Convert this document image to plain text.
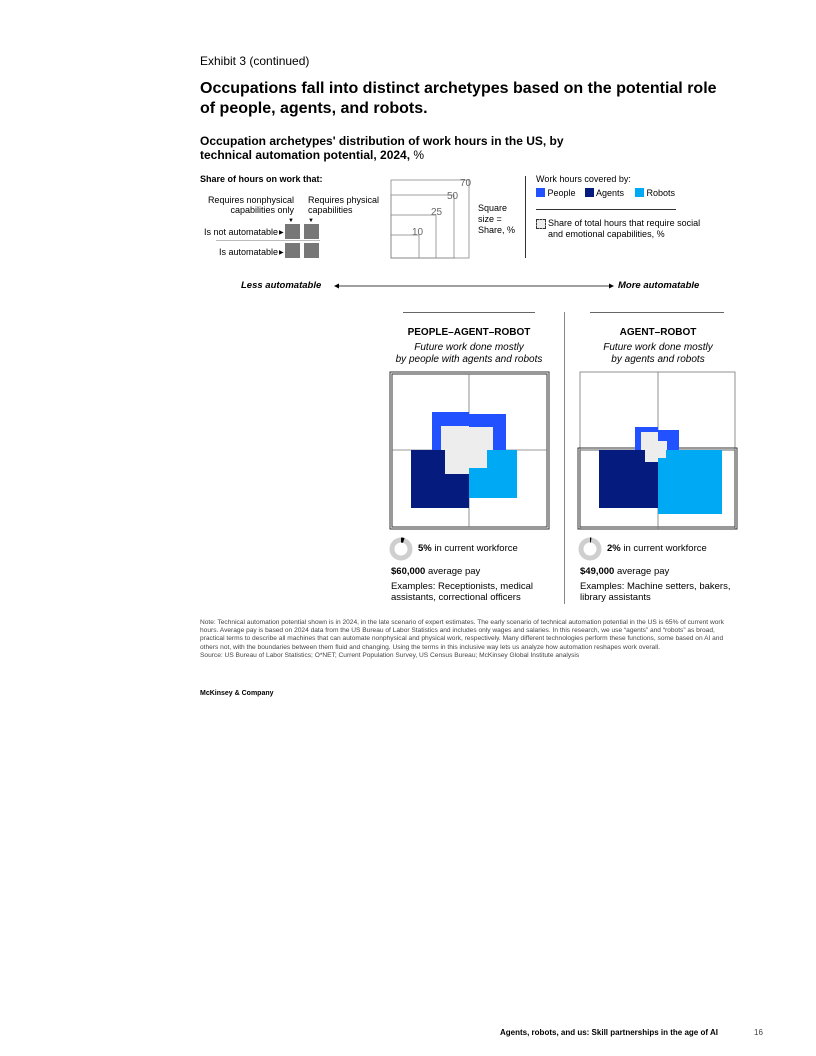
Exhibit 3 (continued)
Occupations fall into distinct archetypes based on the potential role of people, agents, and robots.
Occupation archetypes' distribution of work hours in the US, by technical automation potential, 2024, %
Share of hours on work that:
Requires nonphysical capabilities only
Requires physical capabilities
▼ ▼
Is not automatable ▶
Is automatable ▶
70
50
25
10
Square size = Share, %
Work hours covered by:
People	Agents	Robots
Share of total hours that require social and emotional capabilities, %
Less automatable	More automatable
PEOPLE–AGENT–ROBOT
Future work done mostly
by people with agents and robots
5% in current workforce
$60,000 average pay
Examples: Receptionists, medical assistants, correctional officers
AGENT–ROBOT
Future work done mostly
by agents and robots
2% in current workforce
$49,000 average pay
Examples: Machine setters, bakers, library assistants
Note: Technical automation potential shown is in 2024, in the late scenario of expert estimates. The early scenario of technical automation potential in the US is 65% of current work hours. Average pay is based on 2024 data from the US Bureau of Labor Statistics and includes only wages and salaries. In this research, we use “agents” and “robots” as broad, practical terms to describe all machines that can automate nonphysical and physical work, respectively. Many different technologies perform these functions, some based on AI and others not, with the boundaries between them fluid and changing. Using the terms in this inclusive way lets us analyze how automation reshapes work overall.
Source: US Bureau of Labor Statistics; O*NET; Current Population Survey, US Census Bureau; McKinsey Global Institute analysis
McKinsey & Company
Agents, robots, and us: Skill partnerships in the age of AI	16
